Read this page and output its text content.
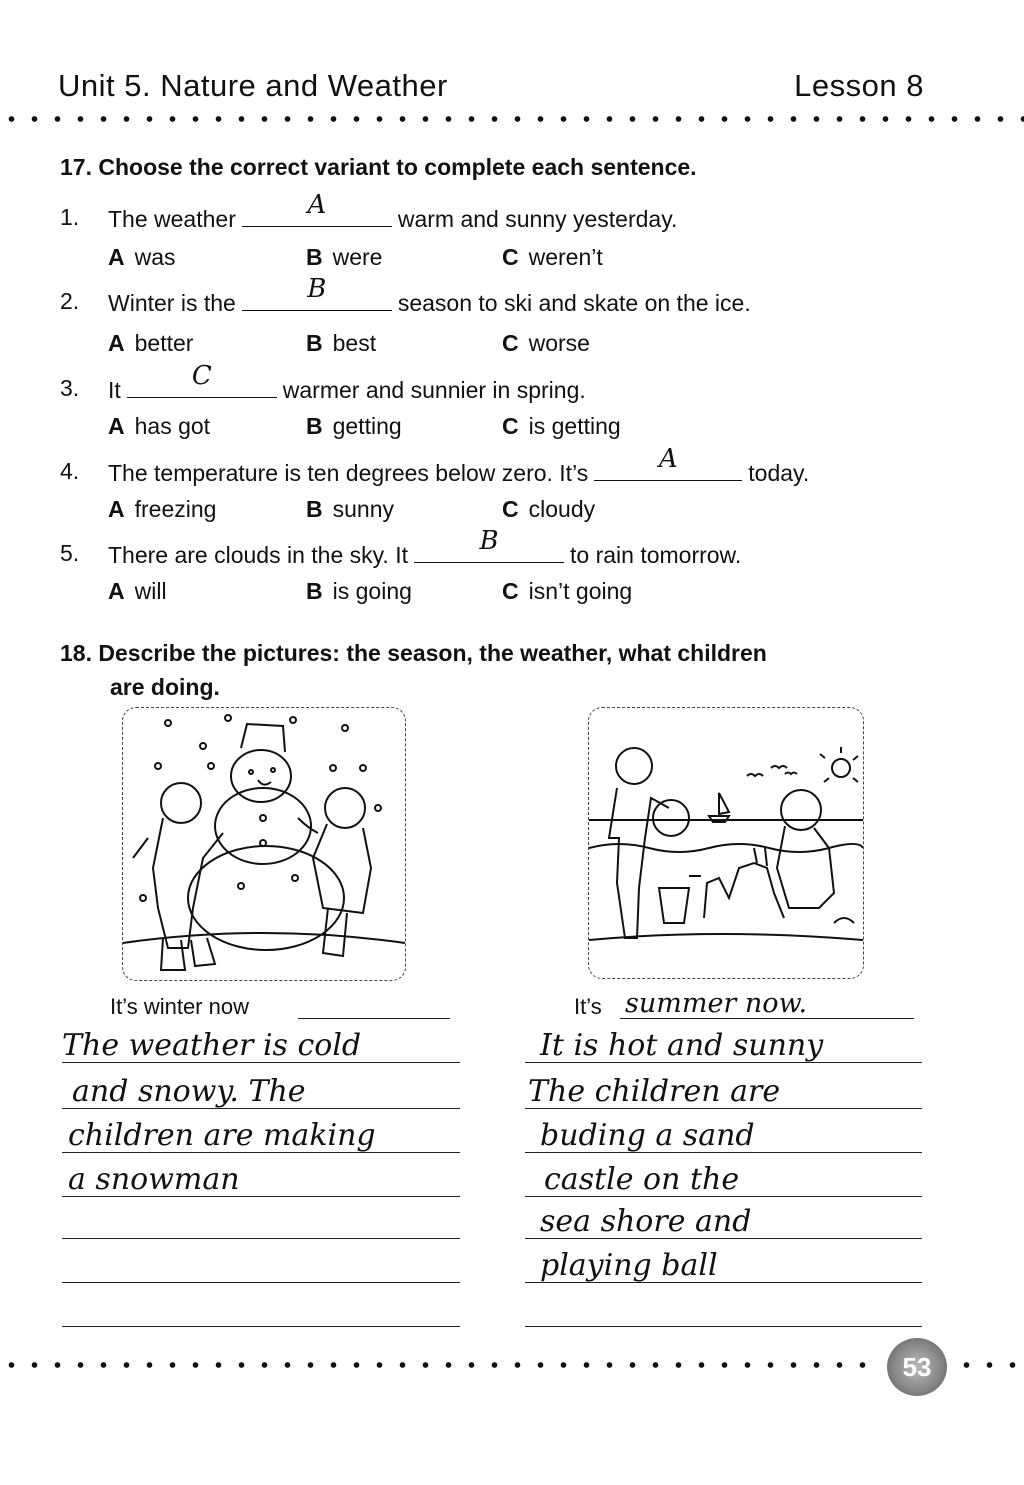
Unit 5. Nature and Weather	Lesson 8
17. Choose the correct variant to complete each sentence.
1. The weather	A	warm and sunny yesterday.
A was	B were	C weren’t
2. Winter is the	B	season to ski and skate on the ice.
A better	B best	C worse
3. It	C	warmer and sunnier in spring.
A has got	B getting	C is getting
4. The temperature is ten degrees below zero. It’s	A	today.
A freezing	B sunny	C cloudy
5. There are clouds in the sky. It	B	to rain tomorrow.
A will	B is going	C isn’t going
18. Describe the pictures: the season, the weather, what children
are doing.
It’s winter now
The weather is cold
and snowy. The
children are making
a snowman
It’s summer now.
It is hot and sunny
The children are
buding a sand
castle on the
sea shore and
playing ball
53
